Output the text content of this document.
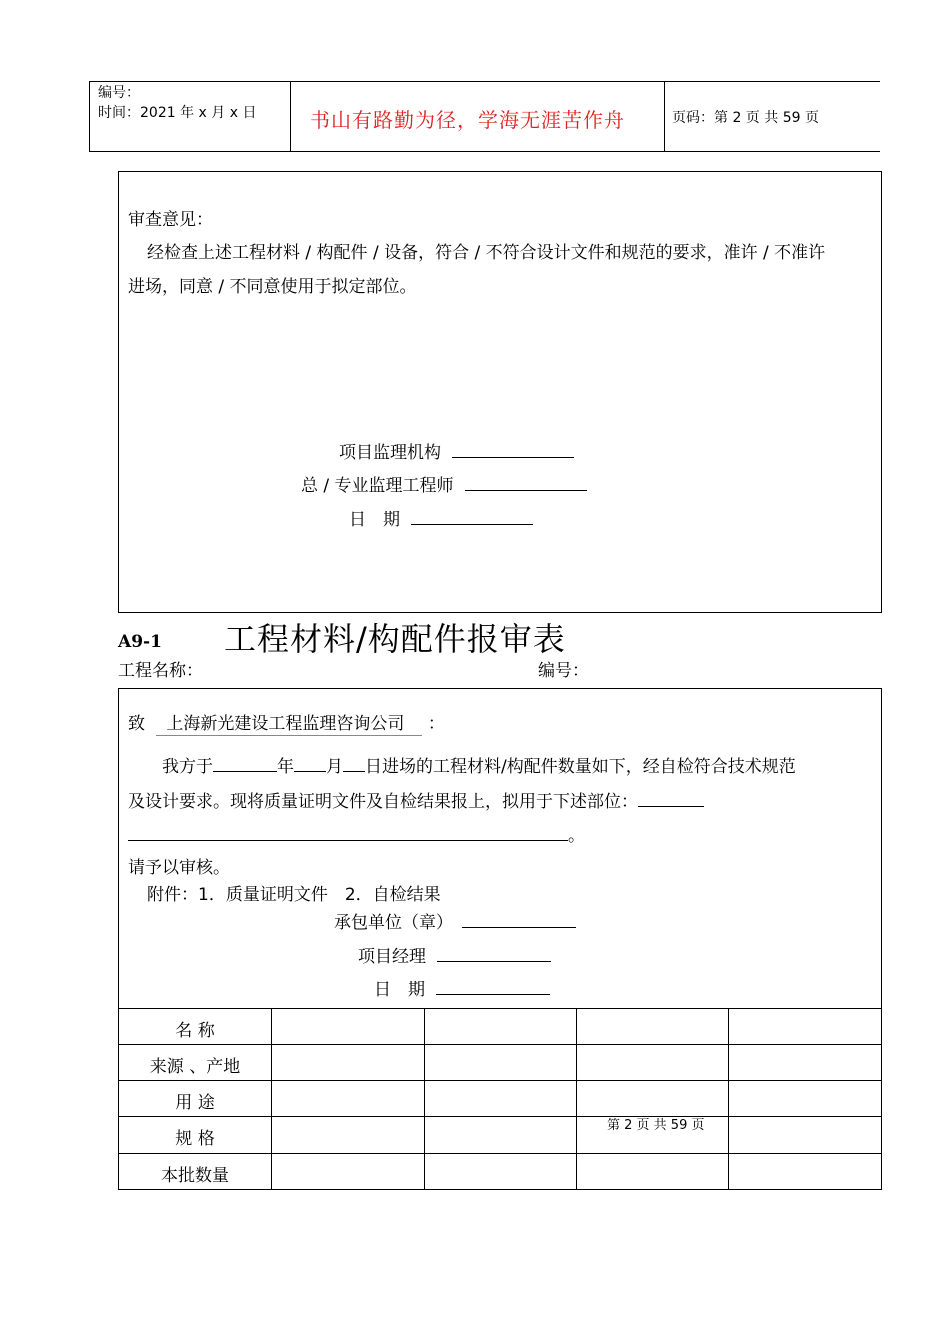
编号：
时间：2021 年 x 月 x 日	书山有路勤为径，学海无涯苦作舟	页码：第 2 页 共 59 页
审查意见：
经检查上述工程材料 / 构配件 / 设备，符合 / 不符合设计文件和规范的要求，准许 / 不准许
进场，同意 / 不同意使用于拟定部位。
项目监理机构
总 / 专业监理工程师
日　期
A9-1 工程材料/构配件报审表
工程名称：	编号：
致 上海新光建设工程监理咨询公司 ：
我方于	年 月 日进场的工程材料/构配件数量如下，经自检符合技术规范
及设计要求。现将质量证明文件及自检结果报上，拟用于下述部位：
。
请予以审核。
附件：1．质量证明文件　2．自检结果
承包单位（章）
项目经理
日　期
名 称
来源 、产地
用 途
规 格
本批数量
第 2 页 共 59 页
